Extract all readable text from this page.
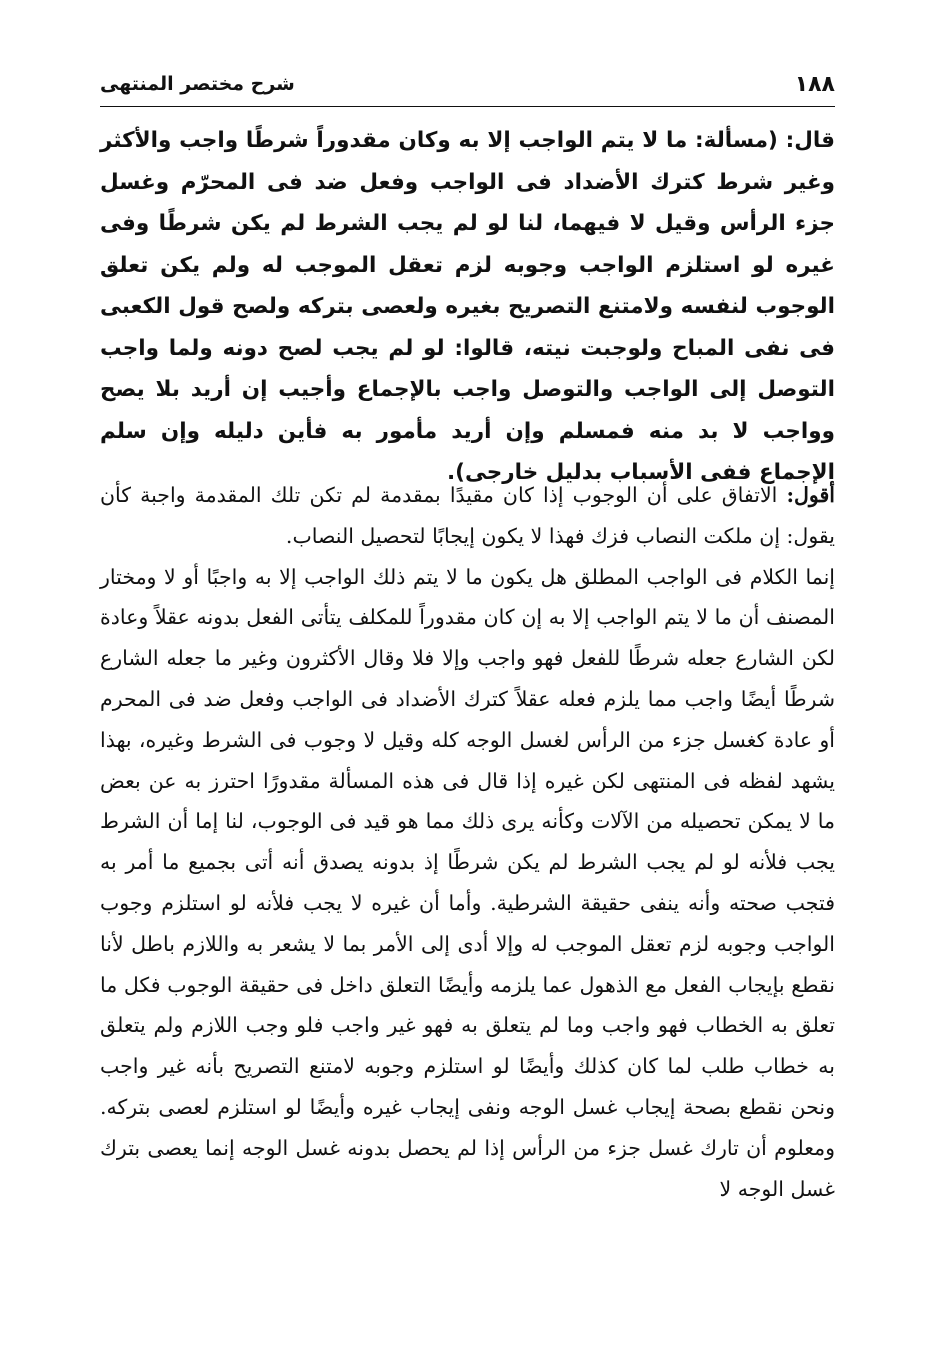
١٨٨
شرح مختصر المنتهى
قال: (مسألة: ما لا يتم الواجب إلا به وكان مقدوراً شرطًا واجب والأكثر وغير شرط كترك الأضداد فى الواجب وفعل ضد فى المحرّم وغسل جزء الرأس وقيل لا فيهما، لنا لو لم يجب الشرط لم يكن شرطًا وفى غيره لو استلزم الواجب وجوبه لزم تعقل الموجب له ولم يكن تعلق الوجوب لنفسه ولامتنع التصريح بغيره ولعصى بتركه ولصح قول الكعبى فى نفى المباح ولوجبت نيته، قالوا: لو لم يجب لصح دونه ولما واجب التوصل إلى الواجب والتوصل واجب بالإجماع وأجيب إن أريد بلا يصح وواجب لا بد منه فمسلم وإن أريد مأمور به فأين دليله وإن سلم الإجماع ففى الأسباب بدليل خارجى).
أقول: الاتفاق على أن الوجوب إذا كان مقيدًا بمقدمة لم تكن تلك المقدمة واجبة كأن يقول: إن ملكت النصاب فزك فهذا لا يكون إيجابًا لتحصيل النصاب.
إنما الكلام فى الواجب المطلق هل يكون ما لا يتم ذلك الواجب إلا به واجبًا أو لا ومختار المصنف أن ما لا يتم الواجب إلا به إن كان مقدوراً للمكلف يتأتى الفعل بدونه عقلاً وعادة لكن الشارع جعله شرطًا للفعل فهو واجب وإلا فلا وقال الأكثرون وغير ما جعله الشارع شرطًا أيضًا واجب مما يلزم فعله عقلاً كترك الأضداد فى الواجب وفعل ضد فى المحرم أو عادة كغسل جزء من الرأس لغسل الوجه كله وقيل لا وجوب فى الشرط وغيره، بهذا يشهد لفظه فى المنتهى لكن غيره إذا قال فى هذه المسألة مقدورًا احترز به عن بعض ما لا يمكن تحصيله من الآلات وكأنه يرى ذلك مما هو قيد فى الوجوب، لنا إما أن الشرط يجب فلأنه لو لم يجب الشرط لم يكن شرطًا إذ بدونه يصدق أنه أتى بجميع ما أمر به فتجب صحته وأنه ينفى حقيقة الشرطية. وأما أن غيره لا يجب فلأنه لو استلزم وجوب الواجب وجوبه لزم تعقل الموجب له وإلا أدى إلى الأمر بما لا يشعر به واللازم باطل لأنا نقطع بإيجاب الفعل مع الذهول عما يلزمه وأيضًا التعلق داخل فى حقيقة الوجوب فكل ما تعلق به الخطاب فهو واجب وما لم يتعلق به فهو غير واجب فلو وجب اللازم ولم يتعلق به خطاب طلب لما كان كذلك وأيضًا لو استلزم وجوبه لامتنع التصريح بأنه غير واجب ونحن نقطع بصحة إيجاب غسل الوجه ونفى إيجاب غيره وأيضًا لو استلزم لعصى بتركه. ومعلوم أن تارك غسل جزء من الرأس إذا لم يحصل بدونه غسل الوجه إنما يعصى بترك غسل الوجه لا
